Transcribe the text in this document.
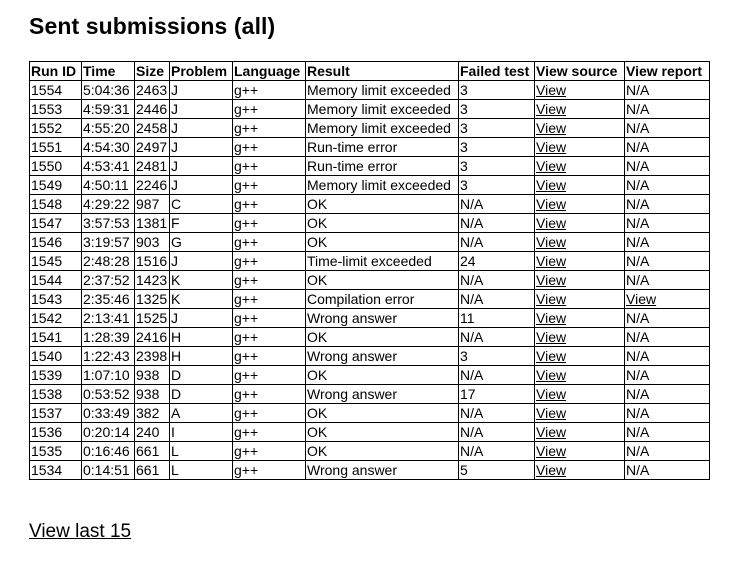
Sent submissions (all)
Run ID	Time	Size	Problem	Language	Result	Failed test	View source	View report
1554	5:04:36	2463	J	g++	Memory limit exceeded	3	View	N/A
1553	4:59:31	2446	J	g++	Memory limit exceeded	3	View	N/A
1552	4:55:20	2458	J	g++	Memory limit exceeded	3	View	N/A
1551	4:54:30	2497	J	g++	Run-time error	3	View	N/A
1550	4:53:41	2481	J	g++	Run-time error	3	View	N/A
1549	4:50:11	2246	J	g++	Memory limit exceeded	3	View	N/A
1548	4:29:22	987	C	g++	OK	N/A	View	N/A
1547	3:57:53	1381	F	g++	OK	N/A	View	N/A
1546	3:19:57	903	G	g++	OK	N/A	View	N/A
1545	2:48:28	1516	J	g++	Time-limit exceeded	24	View	N/A
1544	2:37:52	1423	K	g++	OK	N/A	View	N/A
1543	2:35:46	1325	K	g++	Compilation error	N/A	View	View
1542	2:13:41	1525	J	g++	Wrong answer	11	View	N/A
1541	1:28:39	2416	H	g++	OK	N/A	View	N/A
1540	1:22:43	2398	H	g++	Wrong answer	3	View	N/A
1539	1:07:10	938	D	g++	OK	N/A	View	N/A
1538	0:53:52	938	D	g++	Wrong answer	17	View	N/A
1537	0:33:49	382	A	g++	OK	N/A	View	N/A
1536	0:20:14	240	I	g++	OK	N/A	View	N/A
1535	0:16:46	661	L	g++	OK	N/A	View	N/A
1534	0:14:51	661	L	g++	Wrong answer	5	View	N/A
View last 15
